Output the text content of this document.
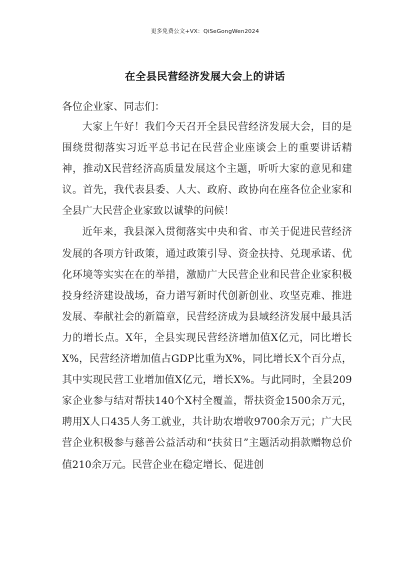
更多免费公文+VX：QiSeGongWen2024
在全县民营经济发展大会上的讲话
各位企业家、同志们：

大家上午好！我们今天召开全县民营经济发展大会，目的是围绕贯彻落实习近平总书记在民营企业座谈会上的重要讲话精神，推动X民营经济高质量发展这个主题，听听大家的意见和建议。首先，我代表县委、人大、政府、政协向在座各位企业家和全县广大民营企业家致以诚挚的问候！

近年来，我县深入贯彻落实中央和省、市关于促进民营经济发展的各项方针政策，通过政策引导、资金扶持、兑现承诺、优化环境等实实在在的举措，激励广大民营企业和民营企业家积极投身经济建设战场，奋力谱写新时代创新创业、攻坚克难、推进发展、奉献社会的新篇章，民营经济成为县域经济发展中最具活力的增长点。X年，全县实现民营经济增加值X亿元，同比增长X%，民营经济增加值占GDP比重为X%，同比增长X个百分点，其中实现民营工业增加值X亿元，增长X%。与此同时，全县209家企业参与结对帮扶140个X村全覆盖，帮扶资金1500余万元，聘用X人口435人务工就业，共计助农增收9700余万元；广大民营企业积极参与慈善公益活动和“扶贫日”主题活动捐款赠物总价值210余万元。民营企业在稳定增长、促进创
